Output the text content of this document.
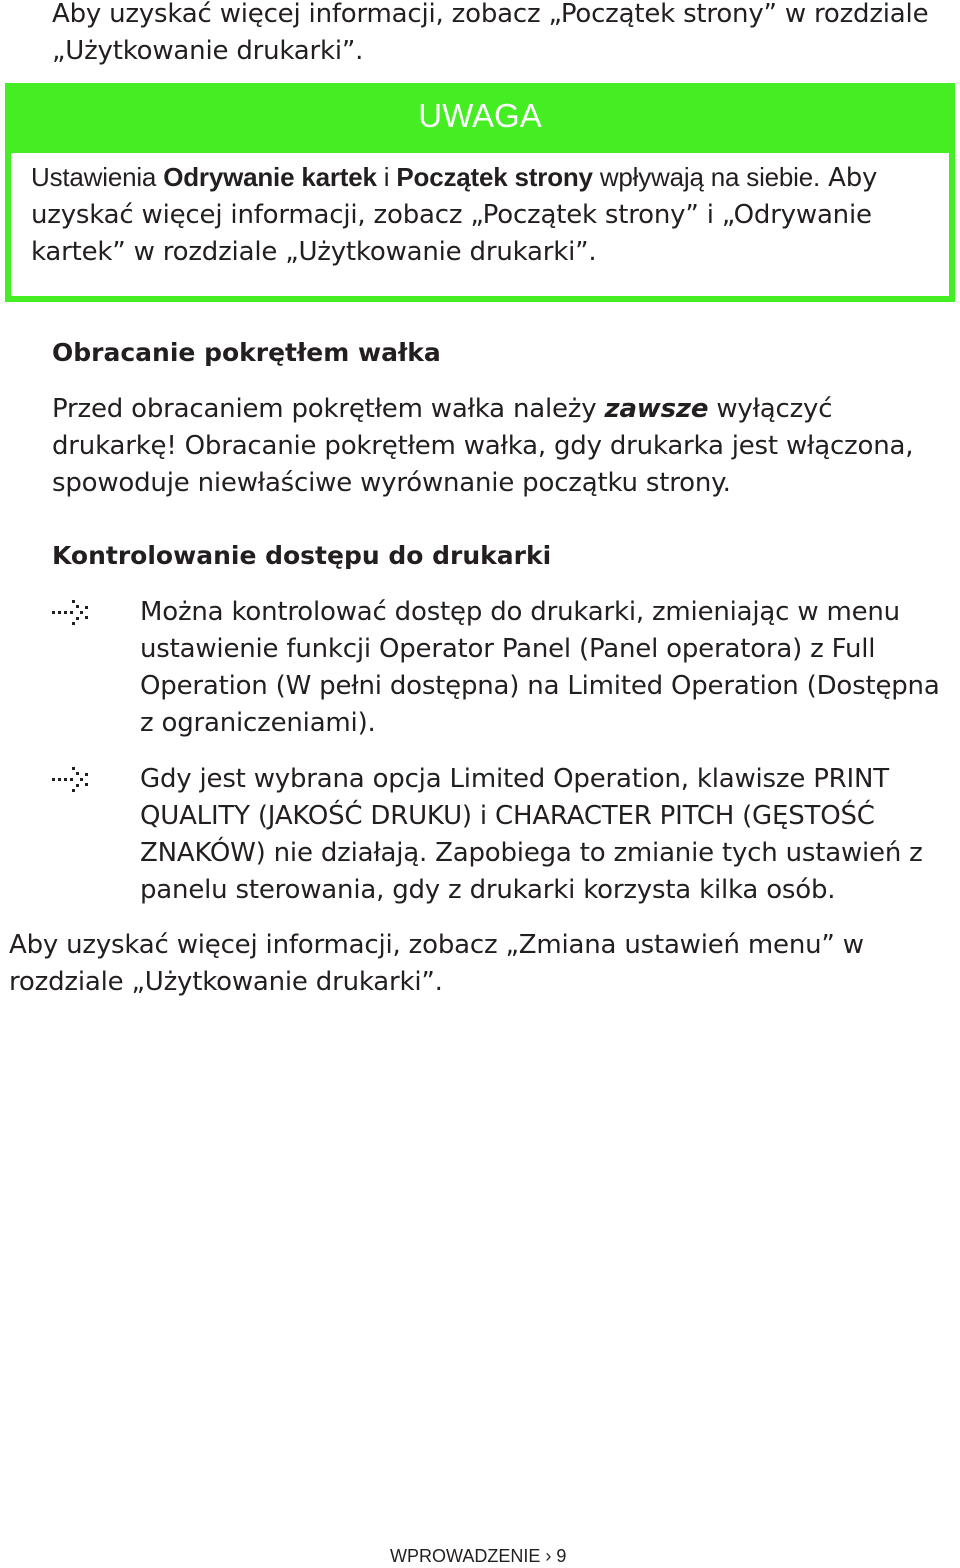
Aby uzyskać więcej informacji, zobacz „Początek strony” w rozdziale

„Użytkowanie drukarki”.

UWAGA

Ustawienia Odrywanie kartek i Początek strony wpływają na siebie. Aby uzyskać więcej informacji, zobacz „Początek strony” i „Odrywanie kartek” w rozdziale „Użytkowanie drukarki”.

Obracanie pokrętłem wałka

Przed obracaniem pokrętłem wałka należy zawsze wyłączyć drukarkę! Obracanie pokrętłem wałka, gdy drukarka jest włączona, spowoduje niewłaściwe wyrównanie początku strony.

Kontrolowanie dostępu do drukarki

Można kontrolować dostęp do drukarki, zmieniając w menu ustawienie funkcji Operator Panel (Panel operatora) z Full Operation (W pełni dostępna) na Limited Operation (Dostępna z ograniczeniami).

Gdy jest wybrana opcja Limited Operation, klawisze PRINT QUALITY (JAKOŚĆ DRUKU) i CHARACTER PITCH (GĘSTOŚĆ ZNAKÓW) nie działają. Zapobiega to zmianie tych ustawień z panelu sterowania, gdy z drukarki korzysta kilka osób.

Aby uzyskać więcej informacji, zobacz „Zmiana ustawień menu” w rozdziale „Użytkowanie drukarki”.

WPROWADZENIE › 9
